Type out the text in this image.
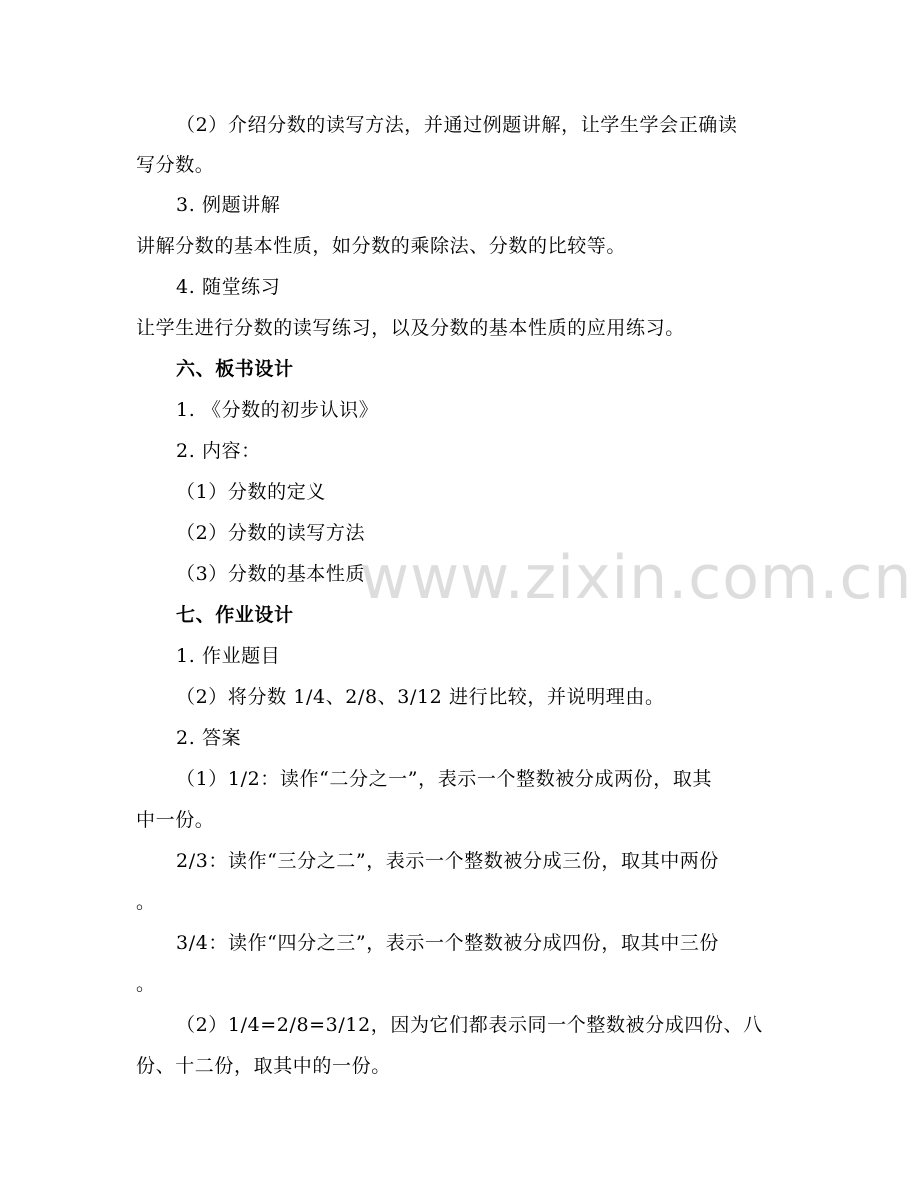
www.zixin.com.cn
（2）介绍分数的读写方法，并通过例题讲解，让学生学会正确读
写分数。
3. 例题讲解
讲解分数的基本性质，如分数的乘除法、分数的比较等。
4. 随堂练习
让学生进行分数的读写练习，以及分数的基本性质的应用练习。
六、板书设计
1. 《分数的初步认识》
2. 内容：
（1）分数的定义
（2）分数的读写方法
（3）分数的基本性质
七、作业设计
1. 作业题目
（2）将分数 1/4、2/8、3/12 进行比较，并说明理由。
2. 答案
（1）1/2：读作“二分之一”，表示一个整数被分成两份，取其
中一份。
2/3：读作“三分之二”，表示一个整数被分成三份，取其中两份
。
3/4：读作“四分之三”，表示一个整数被分成四份，取其中三份
。
（2）1/4=2/8=3/12，因为它们都表示同一个整数被分成四份、八
份、十二份，取其中的一份。
